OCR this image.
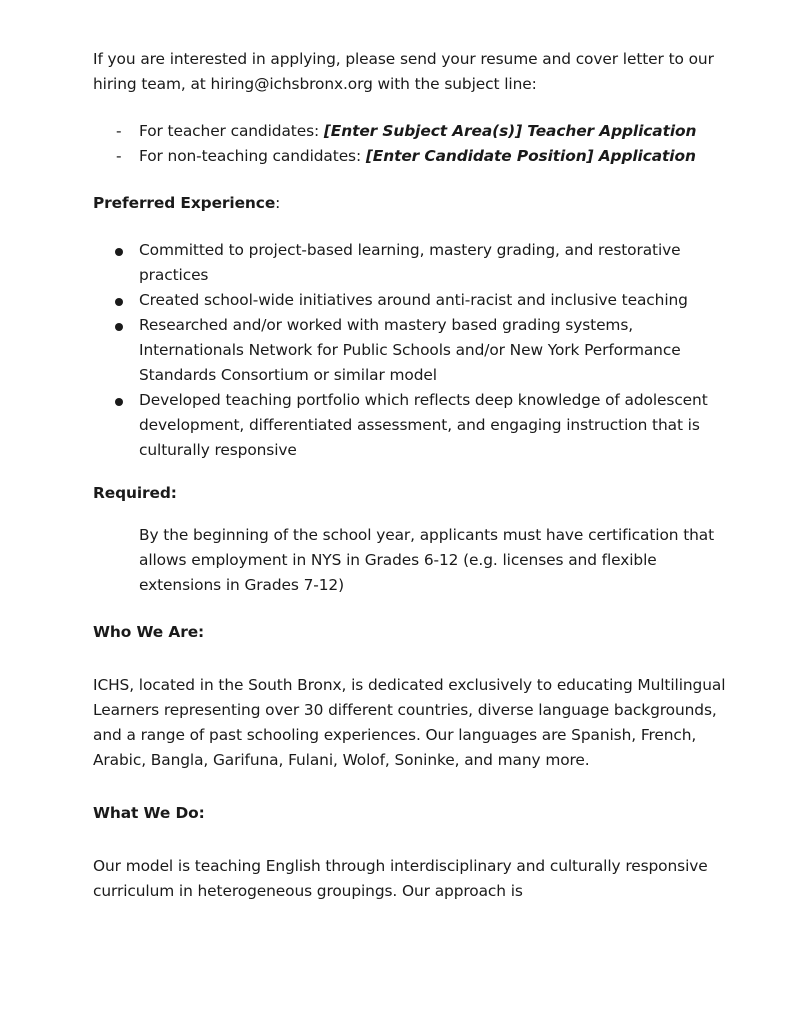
If you are interested in applying, please send your resume and cover letter to our hiring team, at hiring@ichsbronx.org with the subject line:

- For teacher candidates: [Enter Subject Area(s)] Teacher Application
- For non-teaching candidates: [Enter Candidate Position] Application

Preferred Experience:

Committed to project-based learning, mastery grading, and restorative practices
Created school-wide initiatives around anti-racist and inclusive teaching
Researched and/or worked with mastery based grading systems, Internationals Network for Public Schools and/or New York Performance Standards Consortium or similar model
Developed teaching portfolio which reflects deep knowledge of adolescent development, differentiated assessment, and engaging instruction that is culturally responsive

Required:

By the beginning of the school year, applicants must have certification that allows employment in NYS in Grades 6-12 (e.g. licenses and flexible extensions in Grades 7-12)

Who We Are:

ICHS, located in the South Bronx, is dedicated exclusively to educating Multilingual Learners representing over 30 different countries, diverse language backgrounds, and a range of past schooling experiences. Our languages are Spanish, French, Arabic, Bangla, Garifuna, Fulani, Wolof, Soninke, and many more.

What We Do:

Our model is teaching English through interdisciplinary and culturally responsive curriculum in heterogeneous groupings. Our approach is
